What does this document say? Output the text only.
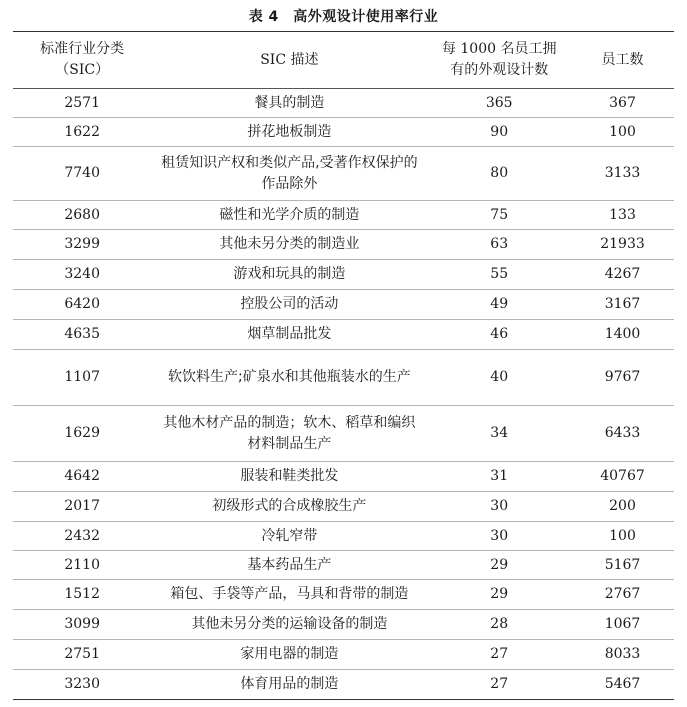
表 4　高外观设计使用率行业
标准行业分类（SIC）	SIC 描述	每 1000 名员工拥有的外观设计数	员工数
2571	餐具的制造	365	367
1622	拼花地板制造	90	100
7740	租赁知识产权和类似产品,受著作权保护的作品除外	80	3133
2680	磁性和光学介质的制造	75	133
3299	其他未另分类的制造业	63	21933
3240	游戏和玩具的制造	55	4267
6420	控股公司的活动	49	3167
4635	烟草制品批发	46	1400
1107	软饮料生产;矿泉水和其他瓶装水的生产	40	9767
1629	其他木材产品的制造；软木、稻草和编织材料制品生产	34	6433
4642	服装和鞋类批发	31	40767
2017	初级形式的合成橡胶生产	30	200
2432	冷轧窄带	30	100
2110	基本药品生产	29	5167
1512	箱包、手袋等产品，马具和背带的制造	29	2767
3099	其他未另分类的运输设备的制造	28	1067
2751	家用电器的制造	27	8033
3230	体育用品的制造	27	5467
